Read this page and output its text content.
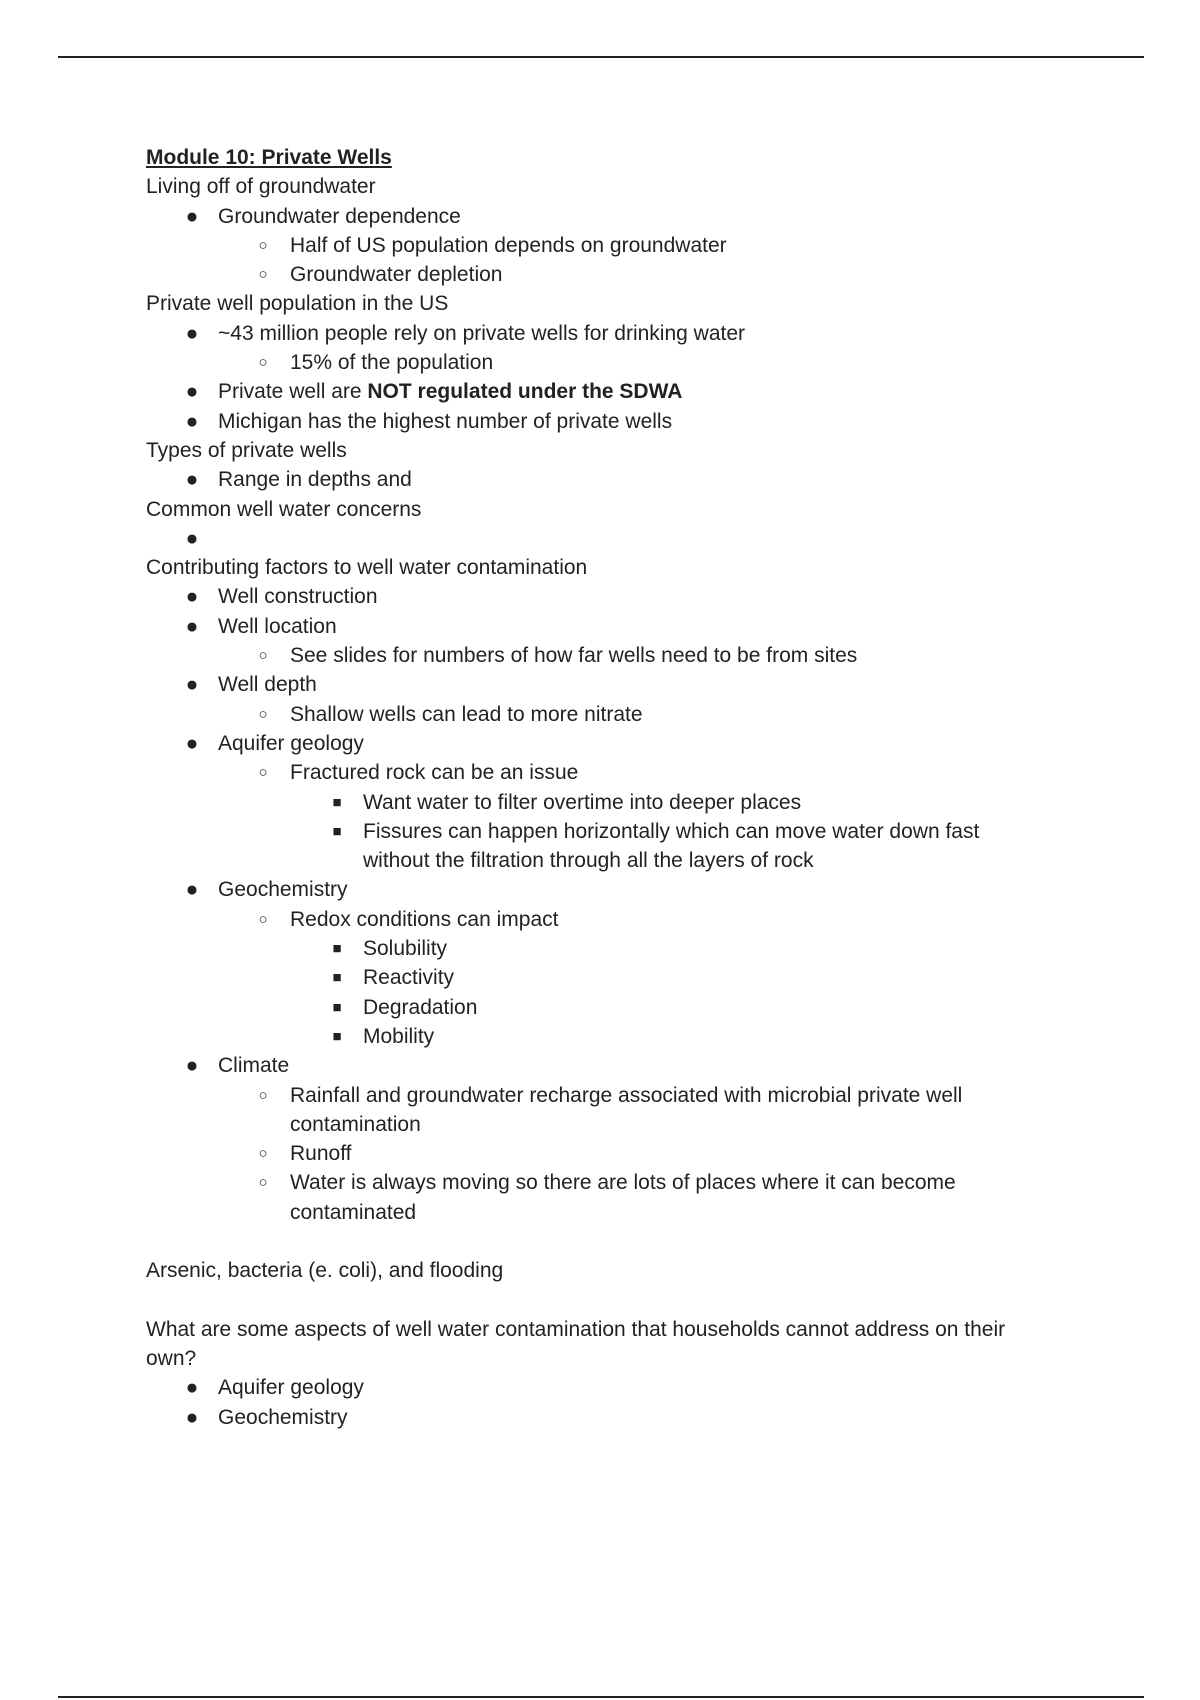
Module 10: Private Wells
Living off of groundwater
● Groundwater dependence
○ Half of US population depends on groundwater
○ Groundwater depletion
Private well population in the US
● ~43 million people rely on private wells for drinking water
○ 15% of the population
● Private well are NOT regulated under the SDWA
● Michigan has the highest number of private wells
Types of private wells
● Range in depths and
Common well water concerns
●
Contributing factors to well water contamination
● Well construction
● Well location
○ See slides for numbers of how far wells need to be from sites
● Well depth
○ Shallow wells can lead to more nitrate
● Aquifer geology
○ Fractured rock can be an issue
■ Want water to filter overtime into deeper places
■ Fissures can happen horizontally which can move water down fast
without the filtration through all the layers of rock
● Geochemistry
○ Redox conditions can impact
■ Solubility
■ Reactivity
■ Degradation
■ Mobility
● Climate
○ Rainfall and groundwater recharge associated with microbial private well
contamination
○ Runoff
○ Water is always moving so there are lots of places where it can become
contaminated
Arsenic, bacteria (e. coli), and flooding
What are some aspects of well water contamination that households cannot address on their
own?
● Aquifer geology
● Geochemistry
